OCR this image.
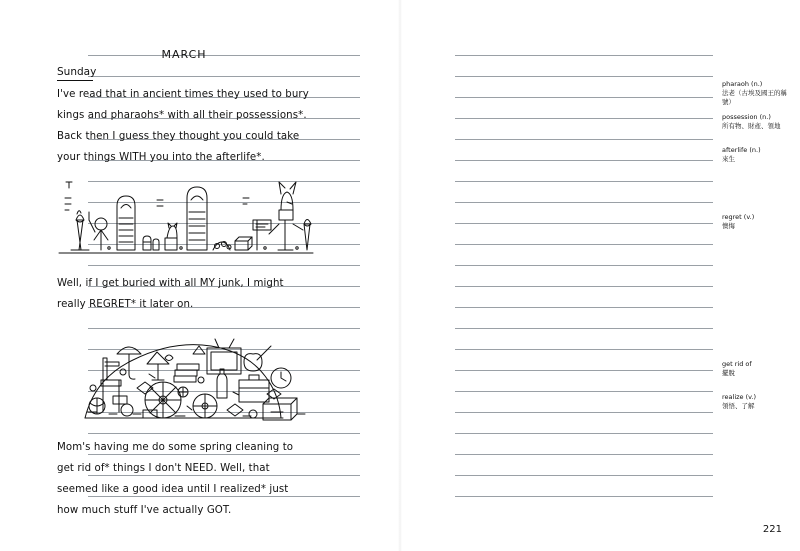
MARCH
Sunday
I've read that in ancient times they used to bury kings and pharaohs* with all their possessions*. Back then I guess they thought you could take your things WITH you into the afterlife*.
Well, if I get buried with all MY junk, I might really REGRET* it later on.
Mom's having me do some spring cleaning to get rid of* things I don't NEED. Well, that seemed like a good idea until I realized* just how much stuff I've actually GOT.
pharaoh (n.)
法老（古埃及國王的稱號）
possession (n.)
所有物、財產、領地
afterlife (n.)
來生
regret (v.)
懊悔
get rid of
擺脫
realize (v.)
領悟、了解
221
